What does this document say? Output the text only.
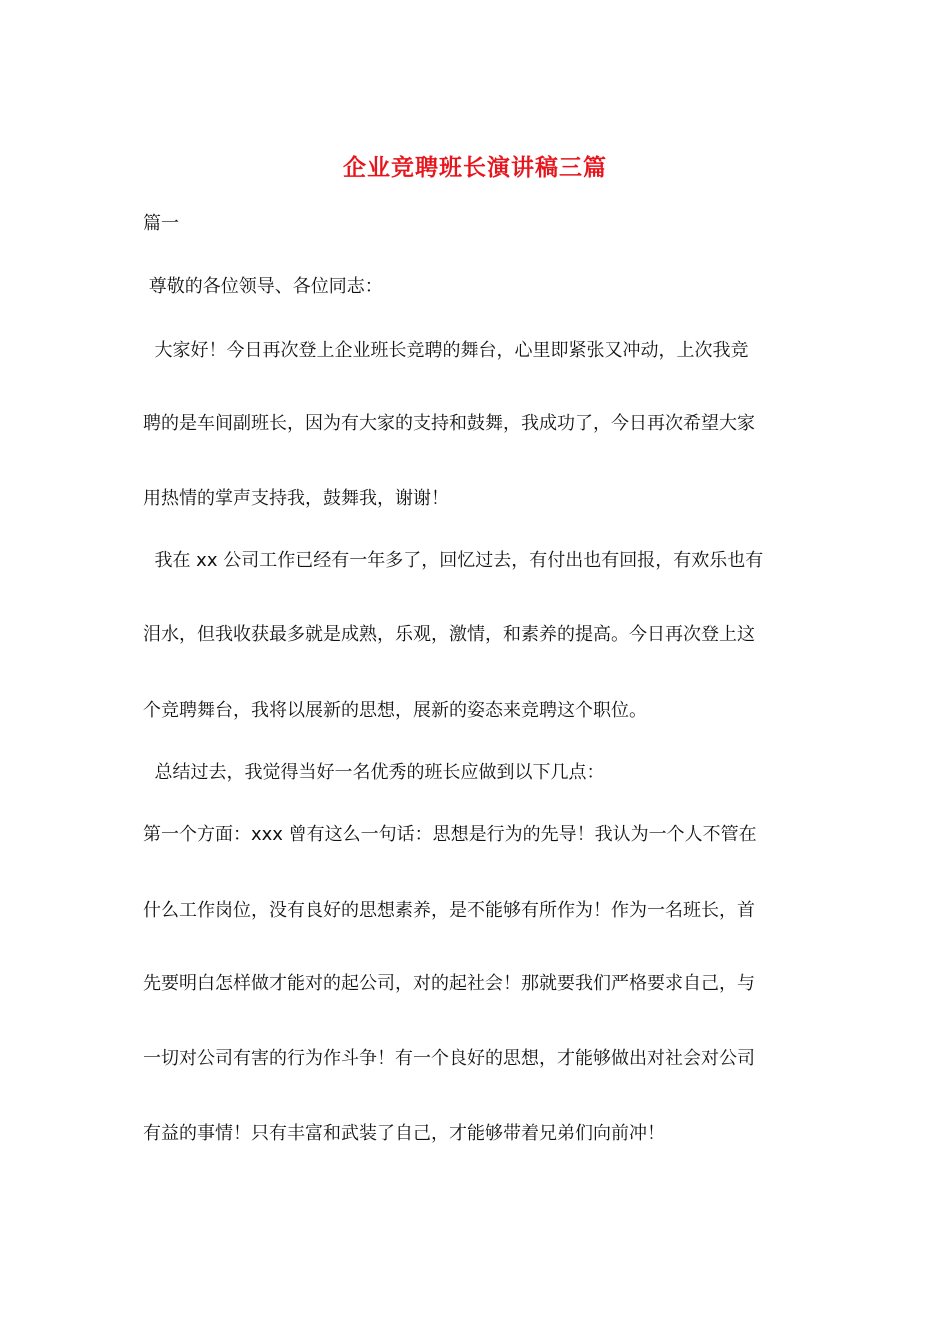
企业竞聘班长演讲稿三篇
篇一
尊敬的各位领导、各位同志：
大家好！今日再次登上企业班长竞聘的舞台，心里即紧张又冲动，上次我竞
聘的是车间副班长，因为有大家的支持和鼓舞，我成功了，今日再次希望大家
用热情的掌声支持我，鼓舞我，谢谢！
我在 xx 公司工作已经有一年多了，回忆过去，有付出也有回报，有欢乐也有
泪水，但我收获最多就是成熟，乐观，激情，和素养的提高。今日再次登上这
个竞聘舞台，我将以展新的思想，展新的姿态来竞聘这个职位。
总结过去，我觉得当好一名优秀的班长应做到以下几点：
第一个方面：xxx 曾有这么一句话：思想是行为的先导！我认为一个人不管在
什么工作岗位，没有良好的思想素养，是不能够有所作为！作为一名班长，首
先要明白怎样做才能对的起公司，对的起社会！那就要我们严格要求自己，与
一切对公司有害的行为作斗争！有一个良好的思想，才能够做出对社会对公司
有益的事情！只有丰富和武装了自己，才能够带着兄弟们向前冲！
